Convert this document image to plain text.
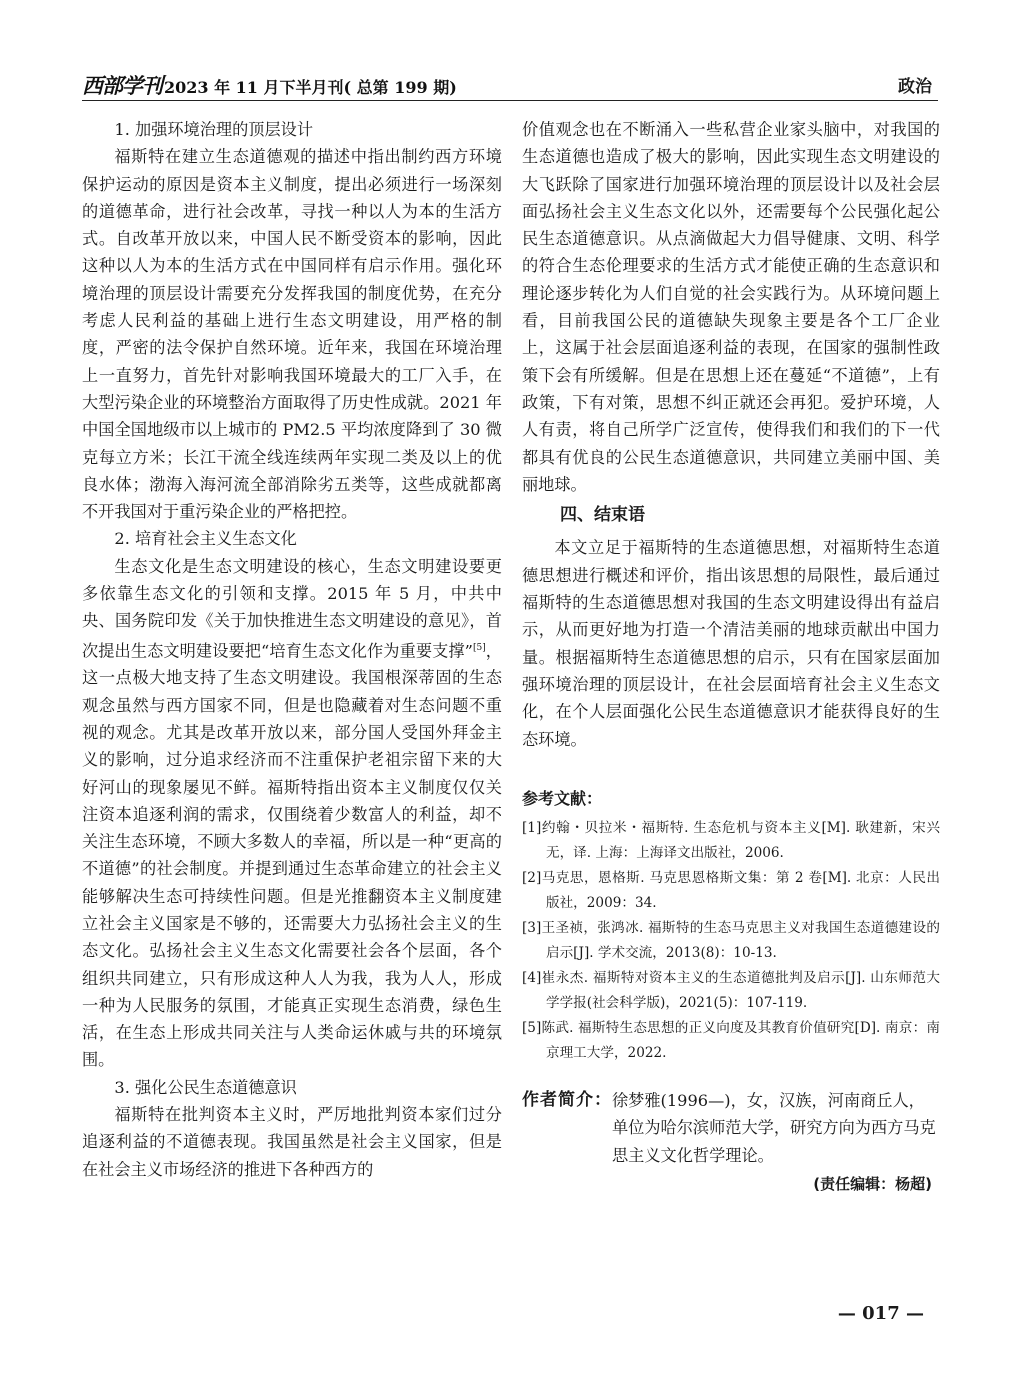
西部学刊 2023 年 11 月下半月刊( 总第 199 期)	政治

1. 加强环境治理的顶层设计

福斯特在建立生态道德观的描述中指出制约西方环境保护运动的原因是资本主义制度，提出必须进行一场深刻的道德革命，进行社会改革，寻找一种以人为本的生活方式。自改革开放以来，中国人民不断受资本的影响，因此这种以人为本的生活方式在中国同样有启示作用。强化环境治理的顶层设计需要充分发挥我国的制度优势，在充分考虑人民利益的基础上进行生态文明建设，用严格的制度，严密的法令保护自然环境。近年来，我国在环境治理上一直努力，首先针对影响我国环境最大的工厂入手，在大型污染企业的环境整治方面取得了历史性成就。2021 年中国全国地级市以上城市的 PM2.5 平均浓度降到了 30 微克每立方米；长江干流全线连续两年实现二类及以上的优良水体；渤海入海河流全部消除劣五类等，这些成就都离不开我国对于重污染企业的严格把控。

2. 培育社会主义生态文化

生态文化是生态文明建设的核心，生态文明建设要更多依靠生态文化的引领和支撑。2015 年 5 月，中共中央、国务院印发《关于加快推进生态文明建设的意见》，首次提出生态文明建设要把“培育生态文化作为重要支撑”[5]，这一点极大地支持了生态文明建设。我国根深蒂固的生态观念虽然与西方国家不同，但是也隐藏着对生态问题不重视的观念。尤其是改革开放以来，部分国人受国外拜金主义的影响，过分追求经济而不注重保护老祖宗留下来的大好河山的现象屡见不鲜。福斯特指出资本主义制度仅仅关注资本追逐利润的需求，仅围绕着少数富人的利益，却不关注生态环境，不顾大多数人的幸福，所以是一种“更高的不道德”的社会制度。并提到通过生态革命建立的社会主义能够解决生态可持续性问题。但是光推翻资本主义制度建立社会主义国家是不够的，还需要大力弘扬社会主义的生态文化。弘扬社会主义生态文化需要社会各个层面，各个组织共同建立，只有形成这种人人为我，我为人人，形成一种为人民服务的氛围，才能真正实现生态消费，绿色生活，在生态上形成共同关注与人类命运休戚与共的环境氛围。

3. 强化公民生态道德意识

福斯特在批判资本主义时，严厉地批判资本家们过分追逐利益的不道德表现。我国虽然是社会主义国家，但是在社会主义市场经济的推进下各种西方的

价值观念也在不断涌入一些私营企业家头脑中，对我国的生态道德也造成了极大的影响，因此实现生态文明建设的大飞跃除了国家进行加强环境治理的顶层设计以及社会层面弘扬社会主义生态文化以外，还需要每个公民强化起公民生态道德意识。从点滴做起大力倡导健康、文明、科学的符合生态伦理要求的生活方式才能使正确的生态意识和理论逐步转化为人们自觉的社会实践行为。从环境问题上看，目前我国公民的道德缺失现象主要是各个工厂企业上，这属于社会层面追逐利益的表现，在国家的强制性政策下会有所缓解。但是在思想上还在蔓延“不道德”，上有政策，下有对策，思想不纠正就还会再犯。爱护环境，人人有责，将自己所学广泛宣传，使得我们和我们的下一代都具有优良的公民生态道德意识，共同建立美丽中国、美丽地球。

四、结束语

本文立足于福斯特的生态道德思想，对福斯特生态道德思想进行概述和评价，指出该思想的局限性，最后通过福斯特的生态道德思想对我国的生态文明建设得出有益启示，从而更好地为打造一个清洁美丽的地球贡献出中国力量。根据福斯特生态道德思想的启示，只有在国家层面加强环境治理的顶层设计，在社会层面培育社会主义生态文化，在个人层面强化公民生态道德意识才能获得良好的生态环境。

参考文献：
[1]约翰・贝拉米・福斯特. 生态危机与资本主义[M]. 耿建新，宋兴无，译. 上海：上海译文出版社，2006.
[2]马克思，恩格斯. 马克思恩格斯文集：第 2 卷[M]. 北京：人民出版社，2009：34.
[3]王圣祯，张鸿冰. 福斯特的生态马克思主义对我国生态道德建设的启示[J]. 学术交流，2013(8)：10-13.
[4]崔永杰. 福斯特对资本主义的生态道德批判及启示[J]. 山东师范大学学报(社会科学版)，2021(5)：107-119.
[5]陈武. 福斯特生态思想的正义向度及其教育价值研究[D]. 南京：南京理工大学，2022.
作者简介： 徐梦雅(1996—)，女，汉族，河南商丘人，单位为哈尔滨师范大学，研究方向为西方马克思主义文化哲学理论。
(责任编辑：杨超)
— 017 —
